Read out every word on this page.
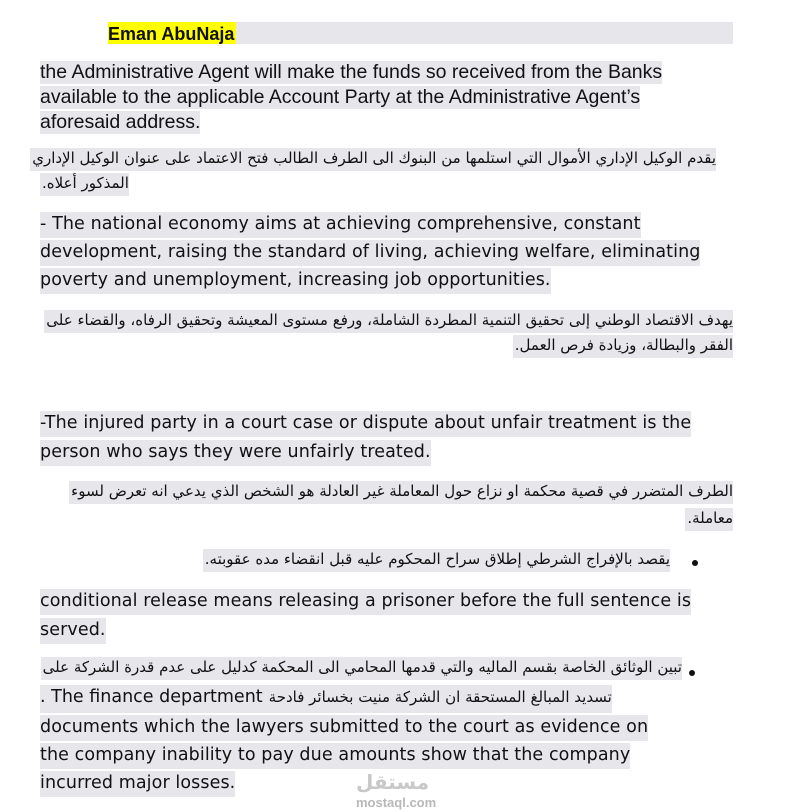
Eman AbuNaja
the Administrative Agent will make the funds so received from the Banks
available to the applicable Account Party at the Administrative Agent’s
aforesaid address.
يقدم الوكيل الإداري الأموال التي استلمها من البنوك الى الطرف الطالب فتح الاعتماد على عنوان الوكيل الإداري
المذكور أعلاه.
- The national economy aims at achieving comprehensive, constant
development, raising the standard of living, achieving welfare, eliminating
poverty and unemployment, increasing job opportunities.
يهدف الاقتصاد الوطني إلى تحقيق التنمية المطردة الشاملة، ورفع مستوى المعيشة وتحقيق الرفاه، والقضاء على
الفقر والبطالة، وزيادة فرص العمل.
-The injured party in a court case or dispute about unfair treatment is the
person who says they were unfairly treated.
الطرف المتضرر في قصية محكمة او نزاع حول المعاملة غير العادلة هو الشخص الذي يدعي انه تعرض لسوء
معاملة.
يقصد بالإفراج الشرطي إطلاق سراح المحكوم عليه قبل انقضاء مده عقوبته.
conditional release means releasing a prisoner before the full sentence is
served.
تبين الوثائق الخاصة بقسم الماليه والتي قدمها المحامي الى المحكمة كدليل على عدم قدرة الشركة على
. The finance department تسديد المبالغ المستحقة ان الشركة منيت بخسائر فادحة
documents which the lawyers submitted to the court as evidence on
the company inability to pay due amounts show that the company
incurred major losses.	مستقل
mostaql.com
